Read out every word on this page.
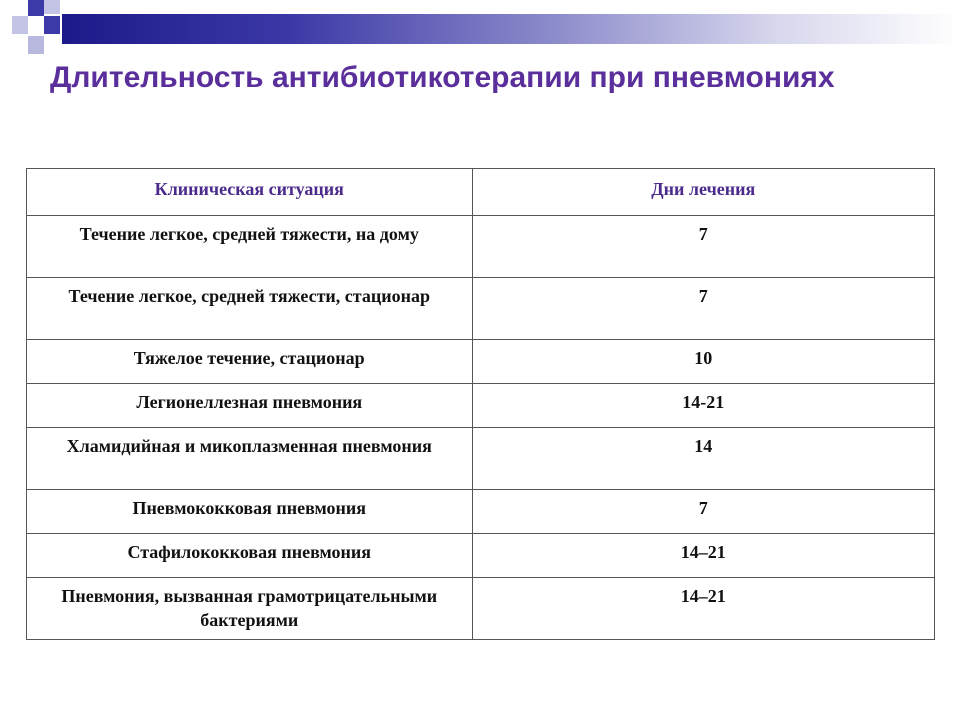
Длительность антибиотикотерапии при пневмониях
Клиническая ситуация	Дни лечения
Течение легкое, средней тяжести, на дому	7
Течение легкое, средней тяжести, стационар	7
Тяжелое течение, стационар	10
Легионеллезная пневмония	14-21
Хламидийная и микоплазменная пневмония	14
Пневмококковая пневмония	7
Стафилококковая пневмония	14–21
Пневмония, вызванная грамотрицательными бактериями	14–21
